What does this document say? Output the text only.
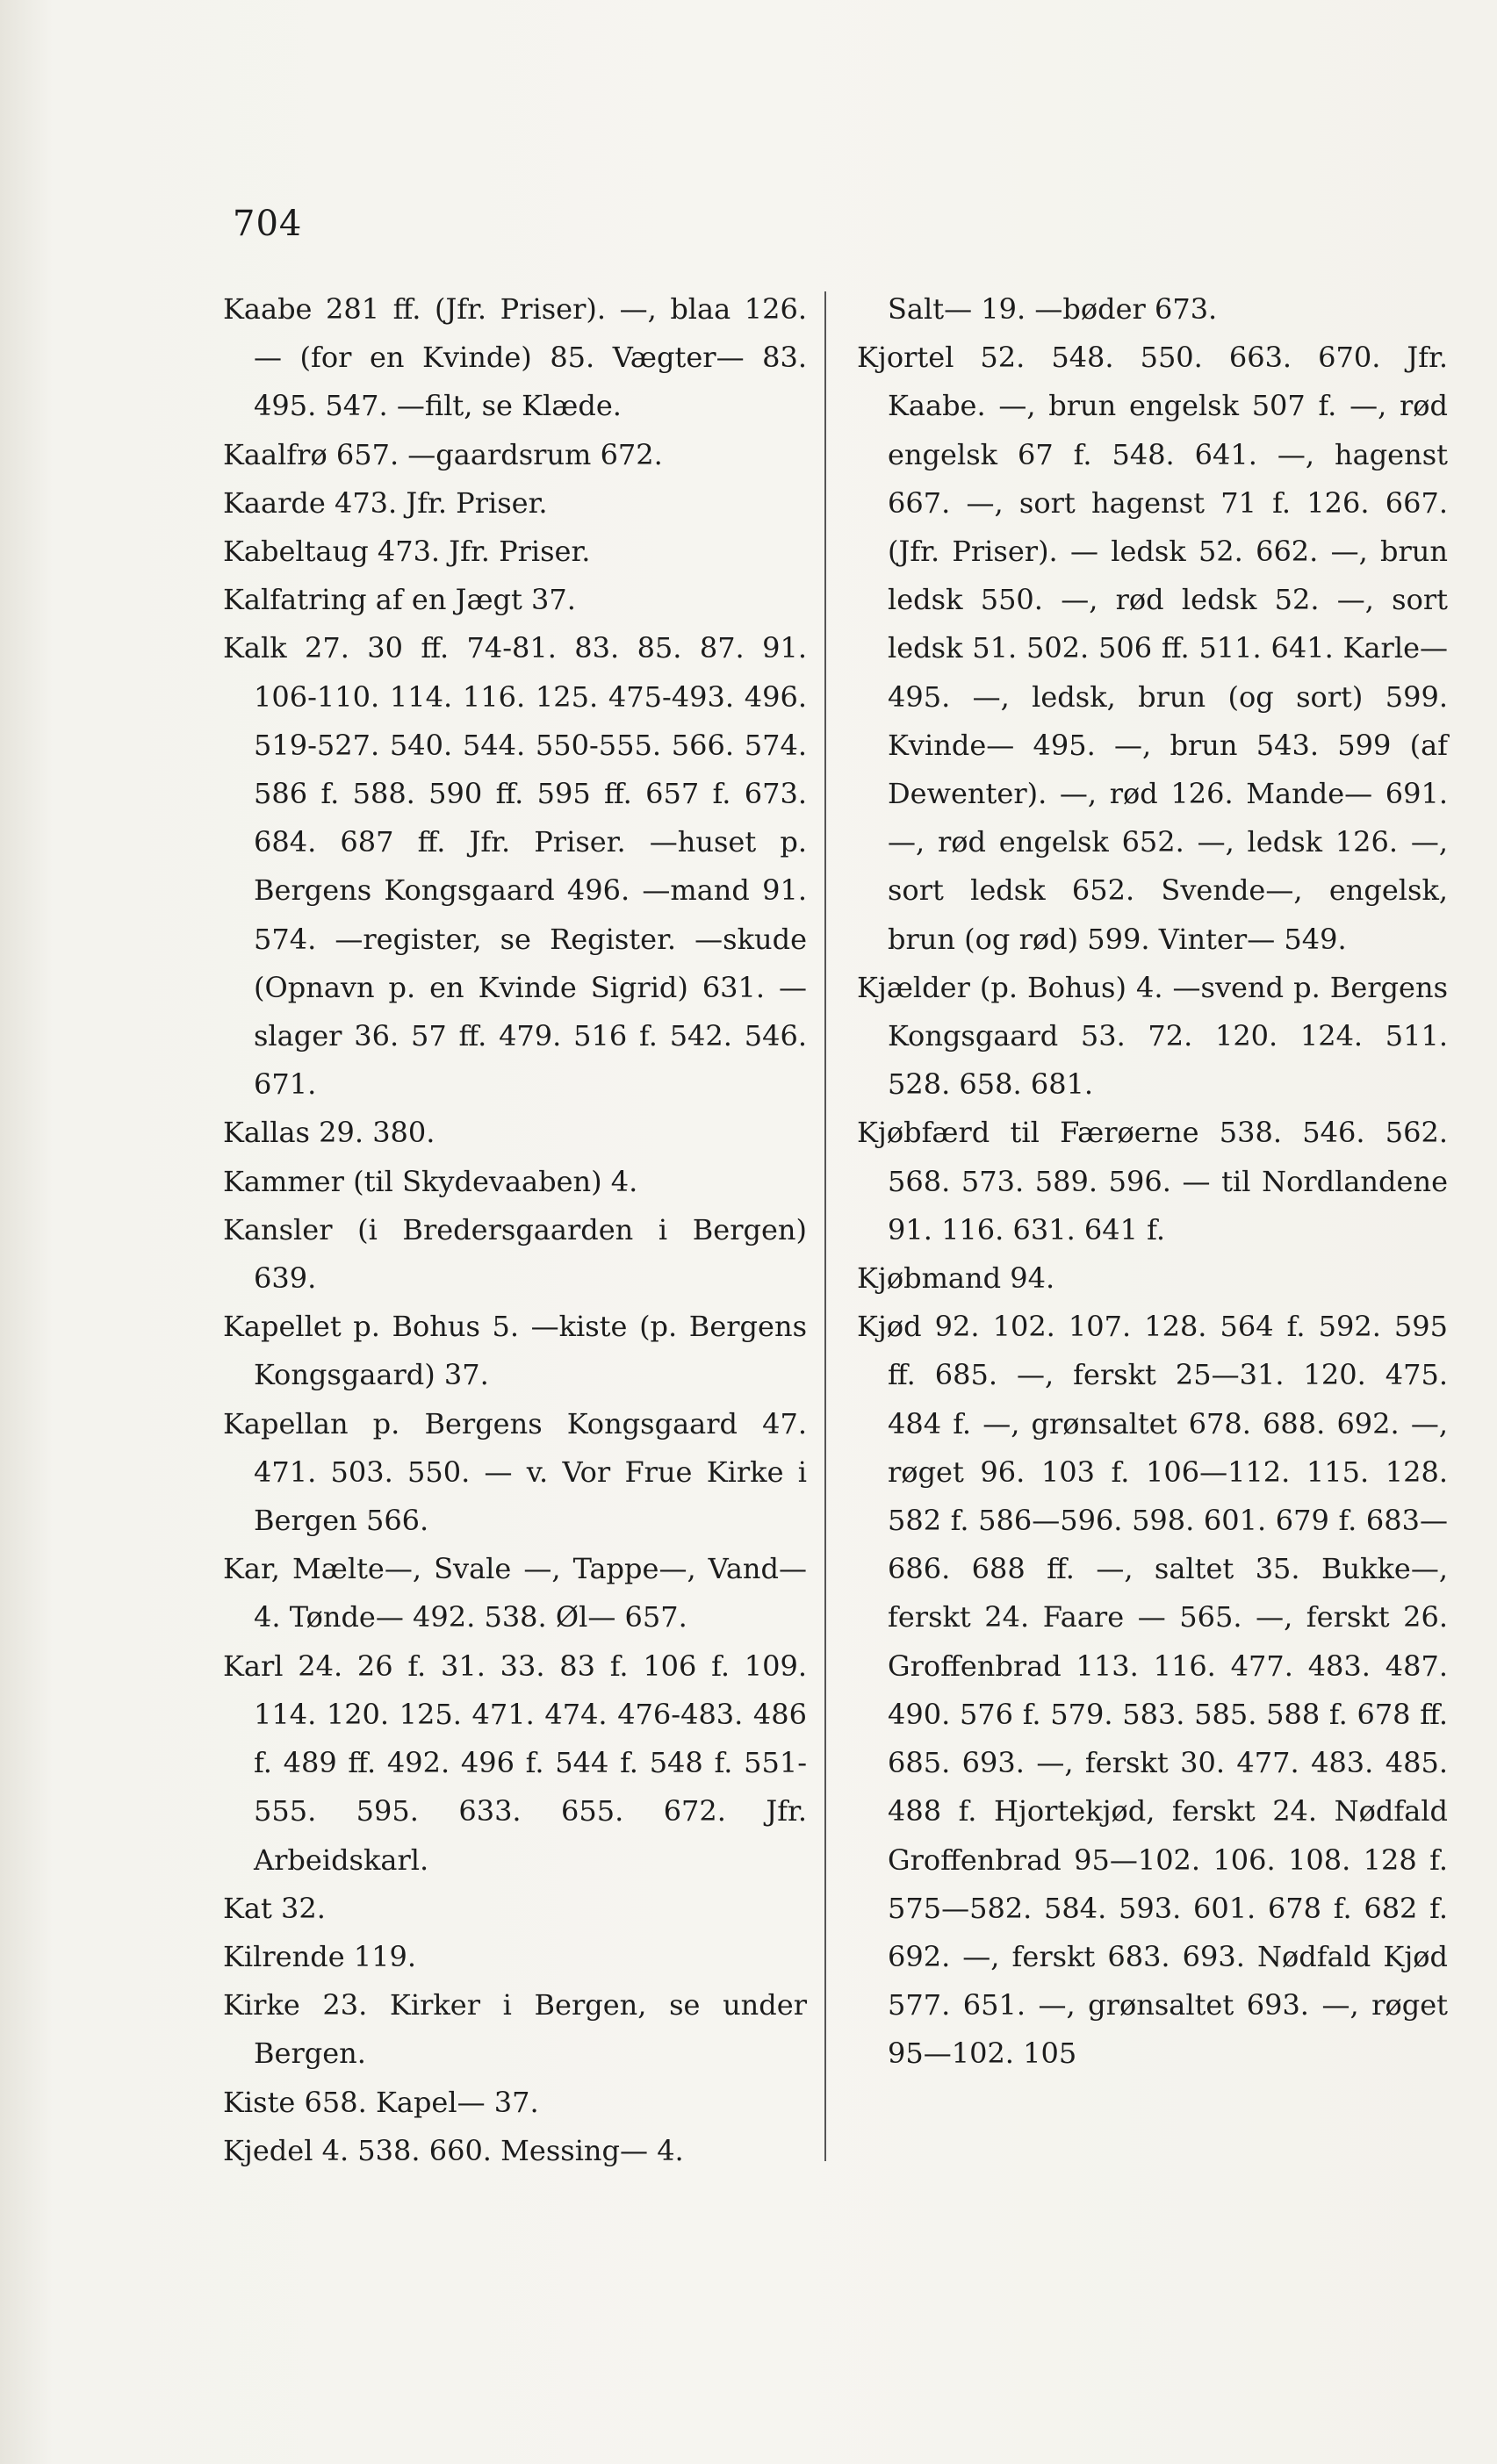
704

Kaabe 281 ff. (Jfr. Priser). —, blaa 126. — (for en Kvinde) 85. Vægter— 83. 495. 547. —filt, se Klæde.

Kaalfrø 657. —gaardsrum 672.

Kaarde 473. Jfr. Priser.

Kabeltaug 473. Jfr. Priser.

Kalfatring af en Jægt 37.

Kalk 27. 30 ff. 74-81. 83. 85. 87. 91. 106-110. 114. 116. 125. 475-493. 496. 519-527. 540. 544. 550-555. 566. 574. 586 f. 588. 590 ff. 595 ff. 657 f. 673. 684. 687 ff. Jfr. Priser. —huset p. Bergens Kongsgaard 496. —mand 91. 574. —register, se Register. —skude (Opnavn p. en Kvinde Sigrid) 631. —slager 36. 57 ff. 479. 516 f. 542. 546. 671.

Kallas 29. 380.

Kammer (til Skydevaaben) 4.

Kansler (i Bredersgaarden i Bergen) 639.

Kapellet p. Bohus 5. —kiste (p. Bergens Kongsgaard) 37.

Kapellan p. Bergens Kongsgaard 47. 471. 503. 550. — v. Vor Frue Kirke i Bergen 566.

Kar, Mælte—, Svale —, Tappe—, Vand— 4. Tønde— 492. 538. Øl— 657.

Karl 24. 26 f. 31. 33. 83 f. 106 f. 109. 114. 120. 125. 471. 474. 476-483. 486 f. 489 ff. 492. 496 f. 544 f. 548 f. 551-555. 595. 633. 655. 672. Jfr. Arbeidskarl.

Kat 32.

Kilrende 119.

Kirke 23. Kirker i Bergen, se under Bergen.

Kiste 658. Kapel— 37.

Kjedel 4. 538. 660. Messing— 4.

Salt— 19. —bøder 673.

Kjortel 52. 548. 550. 663. 670. Jfr. Kaabe. —, brun engelsk 507 f. —, rød engelsk 67 f. 548. 641. —, hagenst 667. —, sort hagenst 71 f. 126. 667. (Jfr. Priser). — ledsk 52. 662. —, brun ledsk 550. —, rød ledsk 52. —, sort ledsk 51. 502. 506 ff. 511. 641. Karle— 495. —, ledsk, brun (og sort) 599. Kvinde— 495. —, brun 543. 599 (af Dewenter). —, rød 126. Mande— 691. —, rød engelsk 652. —, ledsk 126. —, sort ledsk 652. Svende—, engelsk, brun (og rød) 599. Vinter— 549.

Kjælder (p. Bohus) 4. —svend p. Bergens Kongsgaard 53. 72. 120. 124. 511. 528. 658. 681.

Kjøbfærd til Færøerne 538. 546. 562. 568. 573. 589. 596. — til Nordlandene 91. 116. 631. 641 f.

Kjøbmand 94.

Kjød 92. 102. 107. 128. 564 f. 592. 595 ff. 685. —, ferskt 25—31. 120. 475. 484 f. —, grønsaltet 678. 688. 692. —, røget 96. 103 f. 106—112. 115. 128. 582 f. 586—596. 598. 601. 679 f. 683—686. 688 ff. —, saltet 35. Bukke—, ferskt 24. Faare — 565. —, ferskt 26. Groffenbrad 113. 116. 477. 483. 487. 490. 576 f. 579. 583. 585. 588 f. 678 ff. 685. 693. —, ferskt 30. 477. 483. 485. 488 f. Hjortekjød, ferskt 24. Nødfald Groffenbrad 95—102. 106. 108. 128 f. 575—582. 584. 593. 601. 678 f. 682 f. 692. —, ferskt 683. 693. Nødfald Kjød 577. 651. —, grønsaltet 693. —, røget 95—102. 105
